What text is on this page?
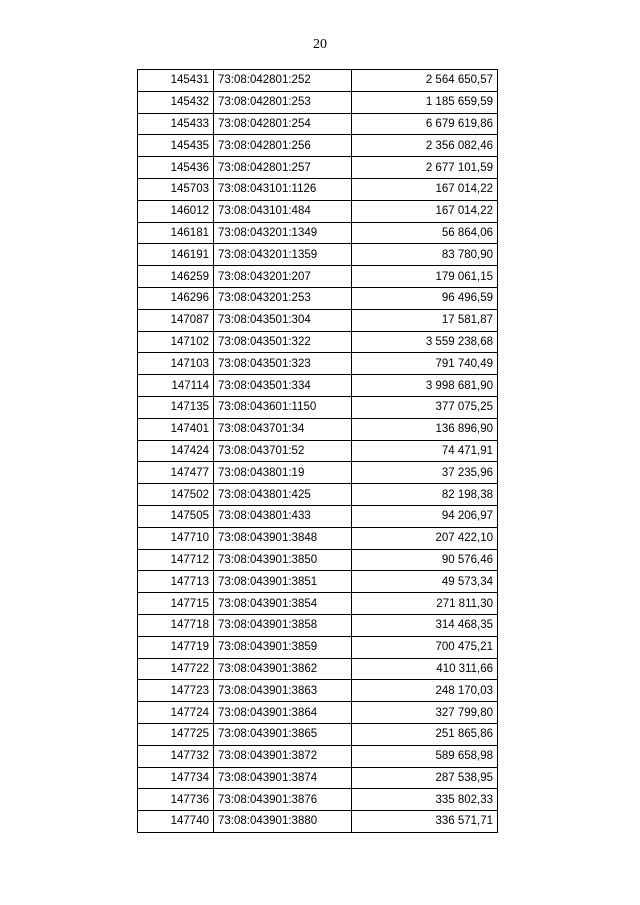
20
145431	73:08:042801:252	2 564 650,57
145432	73:08:042801:253	1 185 659,59
145433	73:08:042801:254	6 679 619,86
145435	73:08:042801:256	2 356 082,46
145436	73:08:042801:257	2 677 101,59
145703	73:08:043101:1126	167 014,22
146012	73:08:043101:484	167 014,22
146181	73:08:043201:1349	56 864,06
146191	73:08:043201:1359	83 780,90
146259	73:08:043201:207	179 061,15
146296	73:08:043201:253	96 496,59
147087	73:08:043501:304	17 581,87
147102	73:08:043501:322	3 559 238,68
147103	73:08:043501:323	791 740,49
147114	73:08:043501:334	3 998 681,90
147135	73:08:043601:1150	377 075,25
147401	73:08:043701:34	136 896,90
147424	73:08:043701:52	74 471,91
147477	73:08:043801:19	37 235,96
147502	73:08:043801:425	82 198,38
147505	73:08:043801:433	94 206,97
147710	73:08:043901:3848	207 422,10
147712	73:08:043901:3850	90 576,46
147713	73:08:043901:3851	49 573,34
147715	73:08:043901:3854	271 811,30
147718	73:08:043901:3858	314 468,35
147719	73:08:043901:3859	700 475,21
147722	73:08:043901:3862	410 311,66
147723	73:08:043901:3863	248 170,03
147724	73:08:043901:3864	327 799,80
147725	73:08:043901:3865	251 865,86
147732	73:08:043901:3872	589 658,98
147734	73:08:043901:3874	287 538,95
147736	73:08:043901:3876	335 802,33
147740	73:08:043901:3880	336 571,71
